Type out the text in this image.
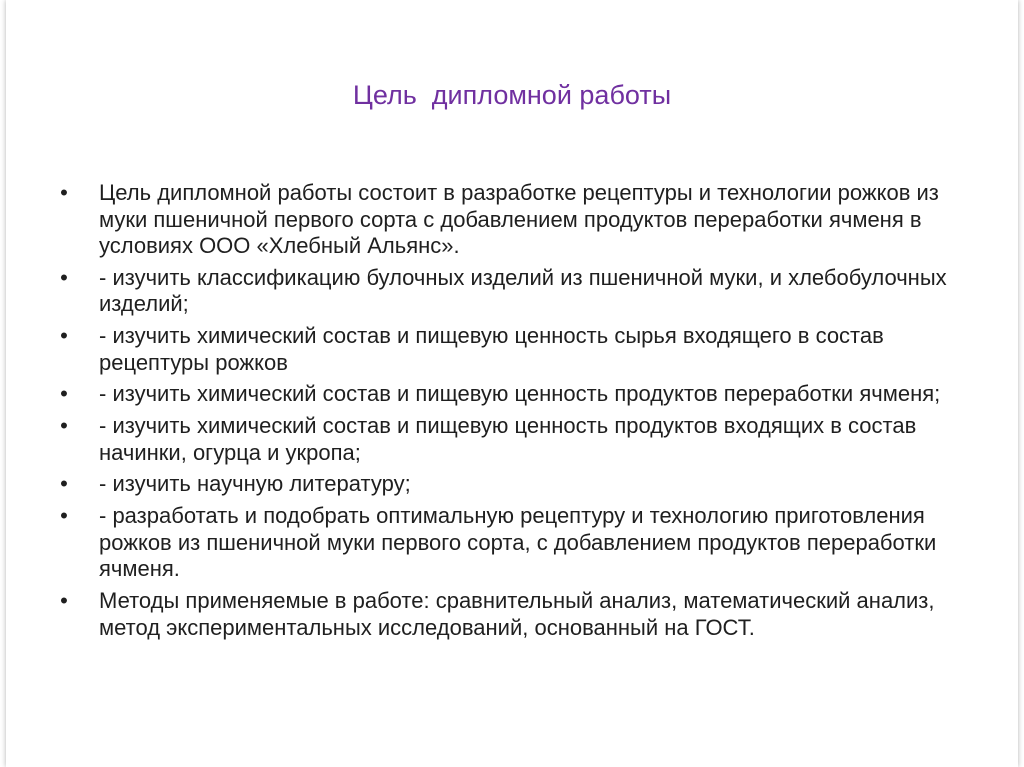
Цель  дипломной работы
• Цель дипломной работы состоит в разработке рецептуры и технологии рожков из муки пшеничной первого сорта с добавлением продуктов переработки ячменя в условиях ООО «Хлебный Альянс».
• - изучить классификацию булочных изделий из пшеничной муки, и хлебобулочных изделий;
• - изучить химический состав и пищевую ценность сырья входящего в состав рецептуры рожков
• - изучить химический состав и пищевую ценность продуктов переработки ячменя;
• - изучить химический состав и пищевую ценность продуктов входящих в состав начинки, огурца и укропа;
• - изучить научную литературу;
• - разработать и подобрать оптимальную рецептуру и технологию приготовления рожков из пшеничной муки первого сорта, с добавлением продуктов переработки ячменя.
• Методы применяемые в работе: сравнительный анализ, математический анализ, метод экспериментальных исследований, основанный на ГОСТ.
